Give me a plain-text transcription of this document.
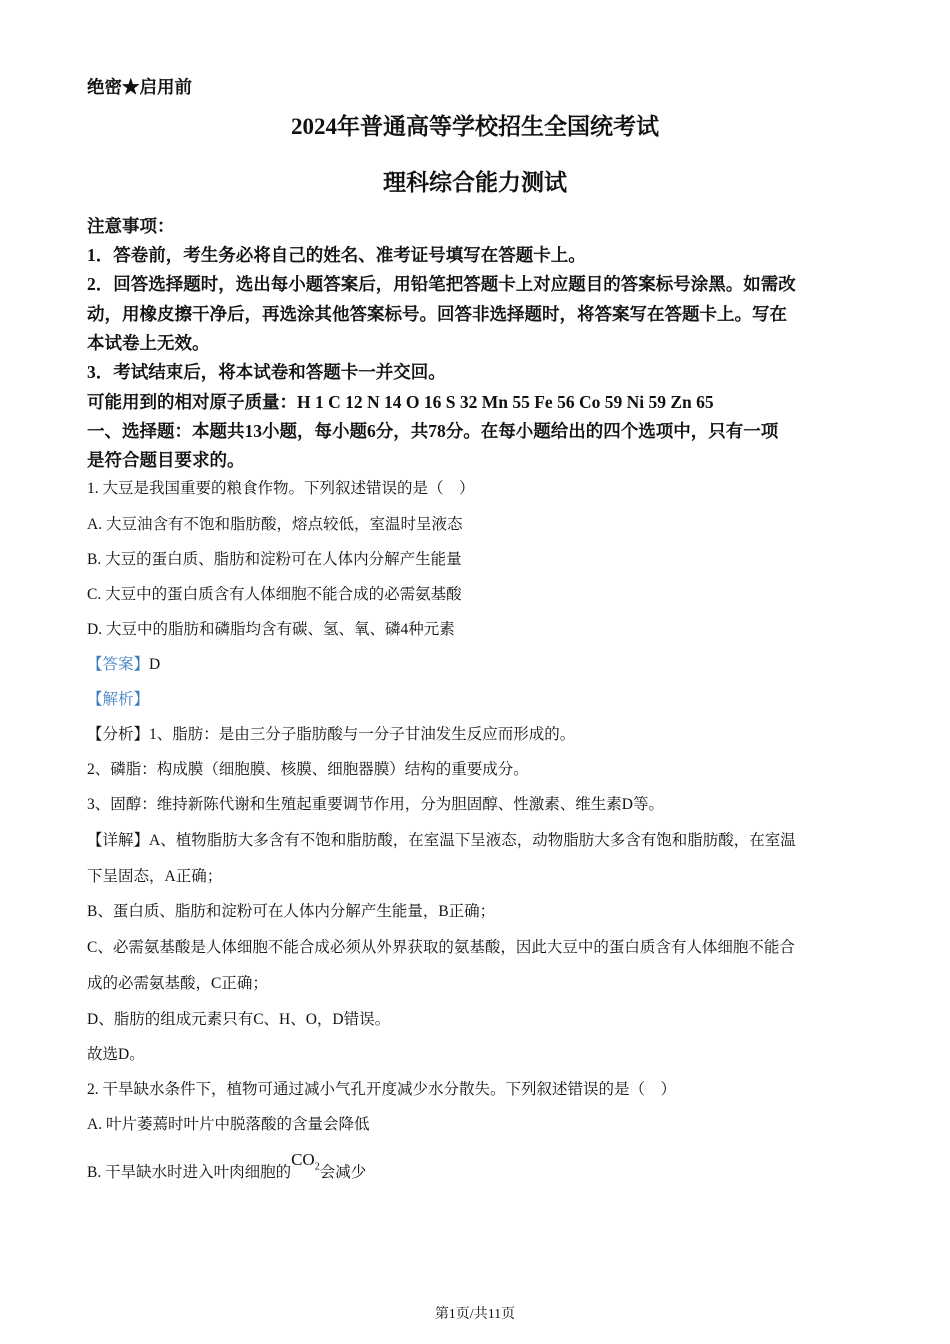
绝密★启用前
2024年普通高等学校招生全国统考试
理科综合能力测试
注意事项：
1．答卷前，考生务必将自己的姓名、准考证号填写在答题卡上。
2．回答选择题时，选出每小题答案后，用铅笔把答题卡上对应题目的答案标号涂黑。如需改
动，用橡皮擦干净后，再选涂其他答案标号。回答非选择题时，将答案写在答题卡上。写在
本试卷上无效。
3．考试结束后，将本试卷和答题卡一并交回。
可能用到的相对原子质量：H 1 C 12 N 14 O 16 S 32 Mn 55 Fe 56 Co 59 Ni 59 Zn 65
一、选择题：本题共13小题，每小题6分，共78分。在每小题给出的四个选项中，只有一项
是符合题目要求的。
1. 大豆是我国重要的粮食作物。下列叙述错误的是（　）
A. 大豆油含有不饱和脂肪酸，熔点较低，室温时呈液态
B. 大豆的蛋白质、脂肪和淀粉可在人体内分解产生能量
C. 大豆中的蛋白质含有人体细胞不能合成的必需氨基酸
D. 大豆中的脂肪和磷脂均含有碳、氢、氧、磷4种元素
【答案】D
【解析】
【分析】1、脂肪：是由三分子脂肪酸与一分子甘油发生反应而形成的。
2、磷脂：构成膜（细胞膜、核膜、细胞器膜）结构的重要成分。
3、固醇：维持新陈代谢和生殖起重要调节作用，分为胆固醇、性激素、维生素D等。
【详解】A、植物脂肪大多含有不饱和脂肪酸，在室温下呈液态，动物脂肪大多含有饱和脂肪酸，在室温
下呈固态，A正确；
B、蛋白质、脂肪和淀粉可在人体内分解产生能量，B正确；
C、必需氨基酸是人体细胞不能合成必须从外界获取的氨基酸，因此大豆中的蛋白质含有人体细胞不能合
成的必需氨基酸，C正确；
D、脂肪的组成元素只有C、H、O，D错误。
故选D。
2. 干旱缺水条件下，植物可通过减小气孔开度减少水分散失。下列叙述错误的是（　）
A. 叶片萎蔫时叶片中脱落酸的含量会降低
B. 干旱缺水时进入叶肉细胞的$CO_2$会减少
第1页/共11页
